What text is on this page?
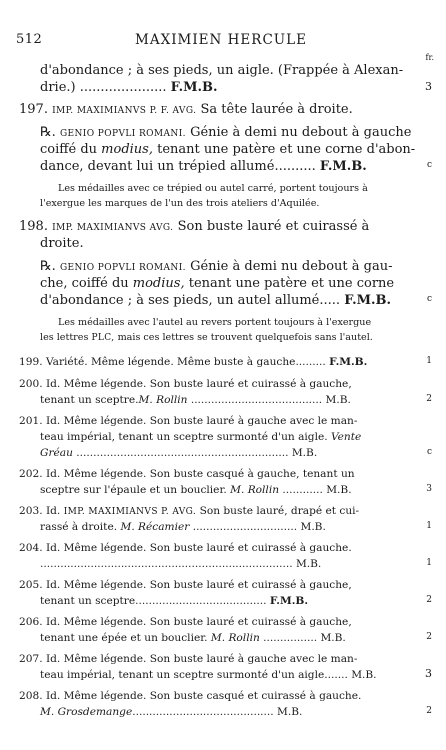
512	MAXIMIEN HERCULE
fr.
d'abondance ; à ses pieds, un aigle. (Frappée à Alexan-
drie.) ..................... F.M.B.	3
197. IMP. MAXIMIANVS P. F. AVG. Sa tête laurée à droite.
℞. GENIO POPVLI ROMANI. Génie à demi nu debout à gauche
coiffé du modius, tenant une patère et une corne d'abon-
dance, devant lui un trépied allumé.......... F.M.B.	c
Les médailles avec ce trépied ou autel carré, portent toujours à
l'exergue les marques de l'un des trois ateliers d'Aquilée.
198. IMP. MAXIMIANVS AVG. Son buste lauré et cuirassé à
droite.
℞. GENIO POPVLI ROMANI. Génie à demi nu debout à gau-
che, coiffé du modius, tenant une patère et une corne
d'abondance ; à ses pieds, un autel allumé..... F.M.B.	c
Les médailles avec l'autel au revers portent toujours à l'exergue
les lettres PLC, mais ces lettres se trouvent quelquefois sans l'autel.
199. Variété. Même légende. Même buste à gauche......... F.M.B.	1
200. Id. Même légende. Son buste lauré et cuirassé à gauche,
tenant un sceptre.M. Rollin ....................................... M.B.	2
201. Id. Même légende. Son buste lauré à gauche avec le man-
teau impérial, tenant un sceptre surmonté d'un aigle. Vente
Gréau ............................................................... M.B.	c
202. Id. Même légende. Son buste casqué à gauche, tenant un
sceptre sur l'épaule et un bouclier. M. Rollin ............ M.B.	3
203. Id. IMP. MAXIMIANVS P. AVG. Son buste lauré, drapé et cui-
rassé à droite. M. Récamier ............................... M.B.	1
204. Id. Même légende. Son buste lauré et cuirassé à gauche.
........................................................................... M.B.	1
205. Id. Même légende. Son buste lauré et cuirassé à gauche,
tenant un sceptre....................................... F.M.B.	2
206. Id. Même légende. Son buste lauré et cuirassé à gauche,
tenant une épée et un bouclier. M. Rollin ................ M.B.	2
207. Id. Même légende. Son buste lauré à gauche avec le man-
teau impérial, tenant un sceptre surmonté d'un aigle....... M.B.	3
208. Id. Même légende. Son buste casqué et cuirassé à gauche.
M. Grosdemange.......................................... M.B.	2
